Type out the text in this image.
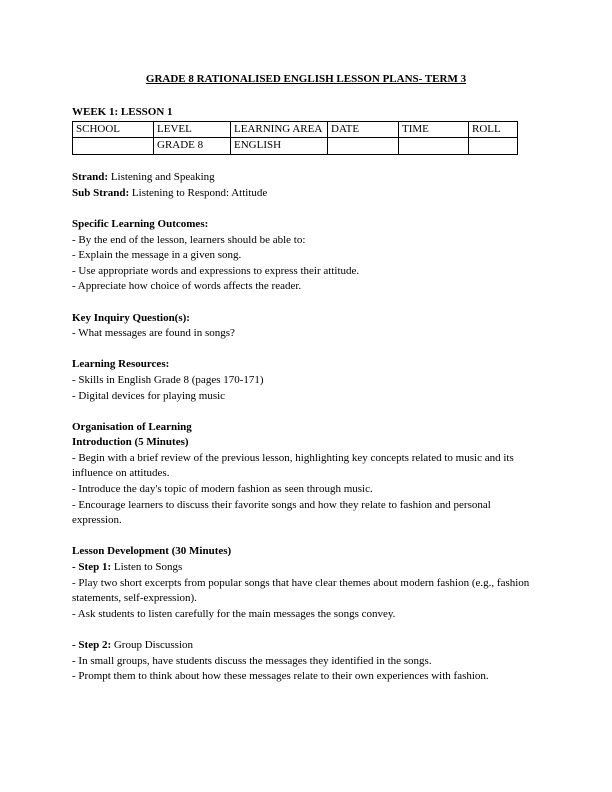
GRADE 8 RATIONALISED ENGLISH LESSON PLANS- TERM 3
WEEK 1: LESSON 1
SCHOOL	LEVEL	LEARNING AREA	DATE	TIME	ROLL
	GRADE 8	ENGLISH			
Strand: Listening and Speaking
Sub Strand: Listening to Respond: Attitude
Specific Learning Outcomes:
- By the end of the lesson, learners should be able to:
- Explain the message in a given song.
- Use appropriate words and expressions to express their attitude.
- Appreciate how choice of words affects the reader.
Key Inquiry Question(s):
- What messages are found in songs?
Learning Resources:
- Skills in English Grade 8 (pages 170-171)
- Digital devices for playing music
Organisation of Learning
Introduction (5 Minutes)
- Begin with a brief review of the previous lesson, highlighting key concepts related to music and its influence on attitudes.
- Introduce the day's topic of modern fashion as seen through music.
- Encourage learners to discuss their favorite songs and how they relate to fashion and personal expression.
Lesson Development (30 Minutes)
- Step 1: Listen to Songs
- Play two short excerpts from popular songs that have clear themes about modern fashion (e.g., fashion statements, self-expression).
- Ask students to listen carefully for the main messages the songs convey.
- Step 2: Group Discussion
- In small groups, have students discuss the messages they identified in the songs.
- Prompt them to think about how these messages relate to their own experiences with fashion.
